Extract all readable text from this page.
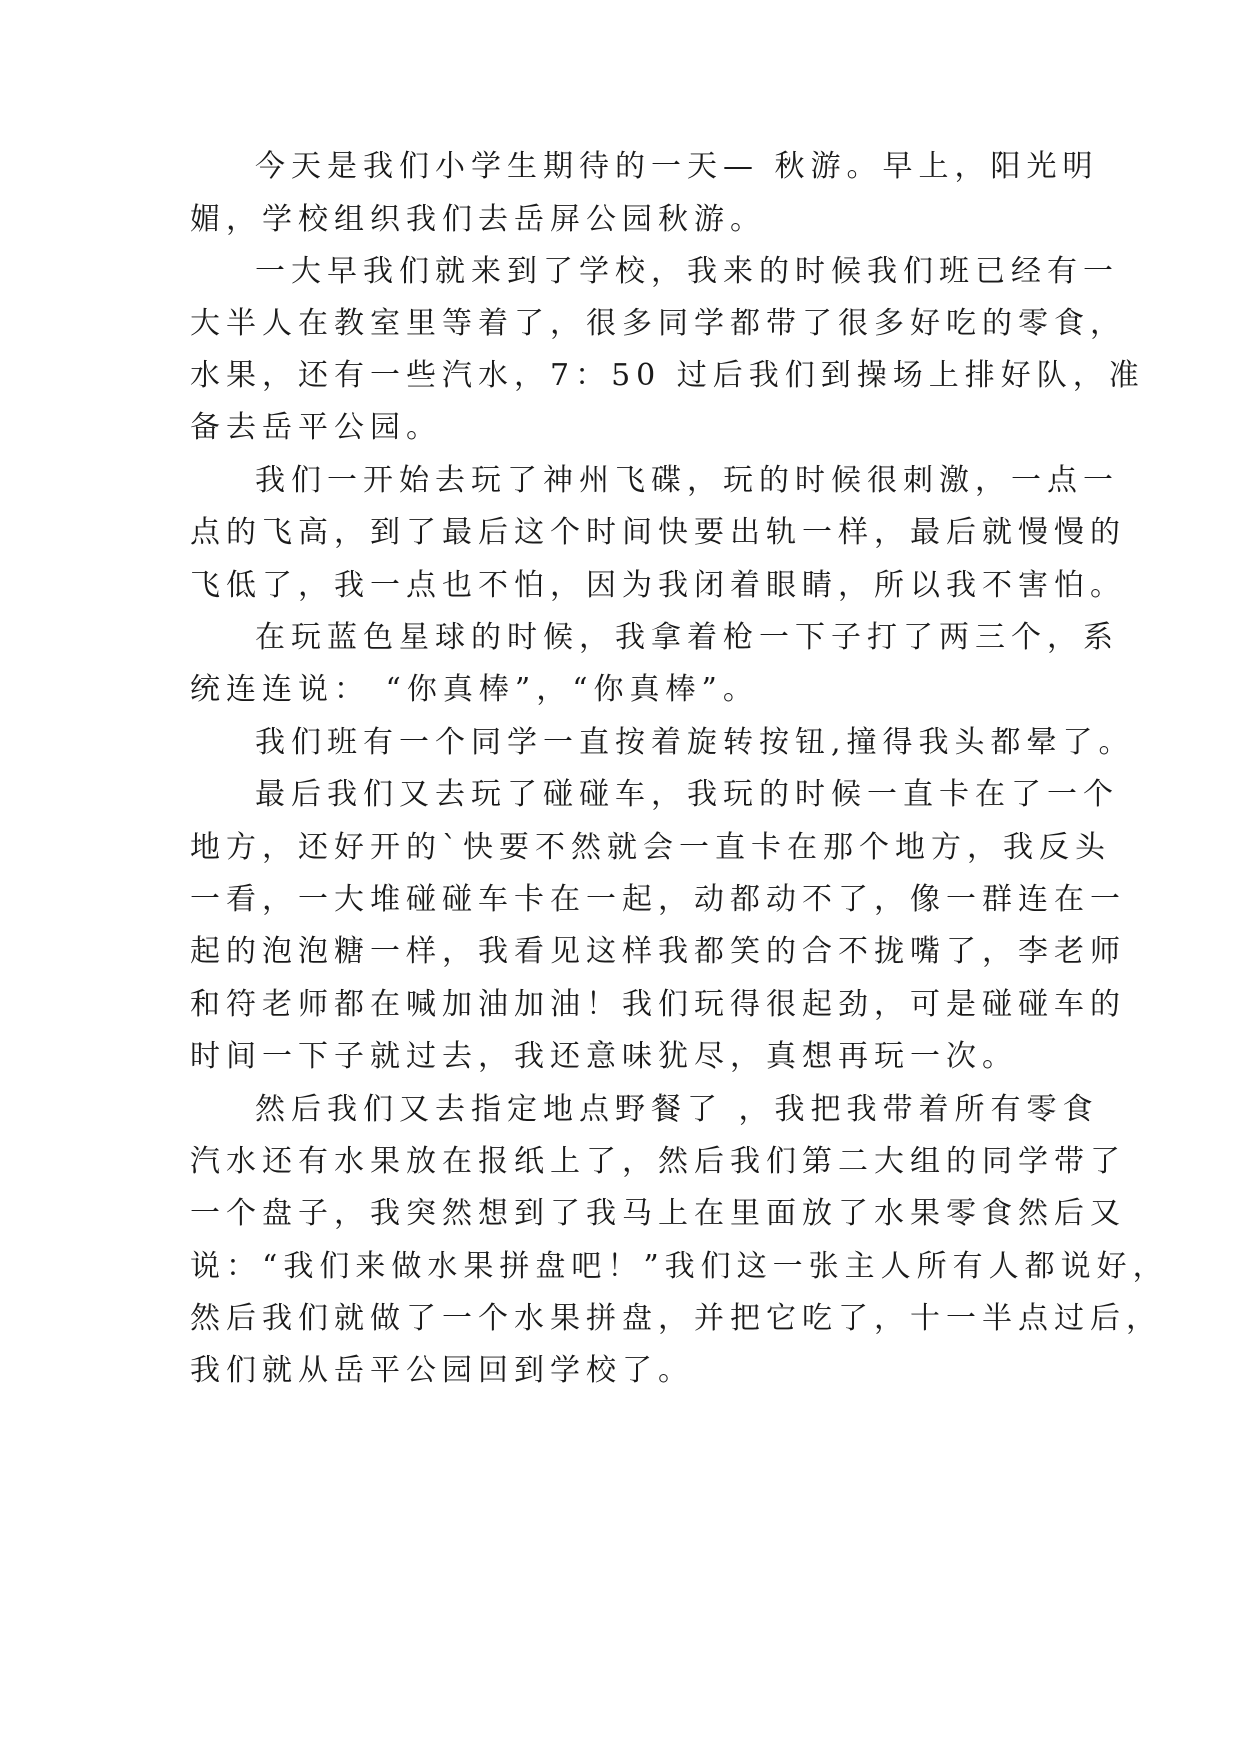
今天是我们小学生期待的一天— 秋游。早上，阳光明

媚，学校组织我们去岳屏公园秋游。

一大早我们就来到了学校，我来的时候我们班已经有一

大半人在教室里等着了，很多同学都带了很多好吃的零食，

水果，还有一些汽水，7：50 过后我们到操场上排好队，准

备去岳平公园。

我们一开始去玩了神州飞碟，玩的时候很刺激，一点一

点的飞高，到了最后这个时间快要出轨一样，最后就慢慢的

飞低了，我一点也不怕，因为我闭着眼睛，所以我不害怕。

在玩蓝色星球的时候，我拿着枪一下子打了两三个，系

统连连说： “你真棒”，“你真棒”。

我们班有一个同学一直按着旋转按钮,撞得我头都晕了。

最后我们又去玩了碰碰车，我玩的时候一直卡在了一个

地方，还好开的`快要不然就会一直卡在那个地方，我反头

一看，一大堆碰碰车卡在一起，动都动不了，像一群连在一

起的泡泡糖一样，我看见这样我都笑的合不拢嘴了，李老师

和符老师都在喊加油加油！我们玩得很起劲，可是碰碰车的

时间一下子就过去，我还意味犹尽，真想再玩一次。

然后我们又去指定地点野餐了 ，我把我带着所有零食

汽水还有水果放在报纸上了，然后我们第二大组的同学带了

一个盘子，我突然想到了我马上在里面放了水果零食然后又

说：“我们来做水果拼盘吧！”我们这一张主人所有人都说好，

然后我们就做了一个水果拼盘，并把它吃了，十一半点过后，

我们就从岳平公园回到学校了。
